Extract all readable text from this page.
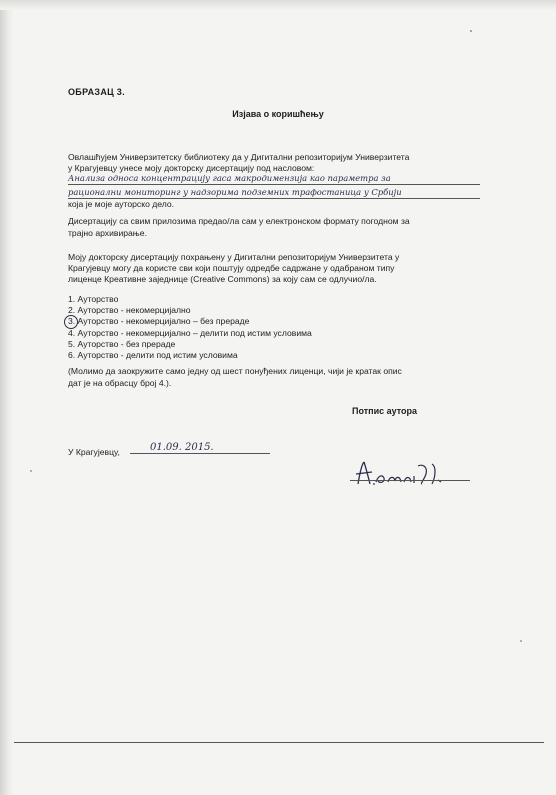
ОБРАЗАЦ 3.
Изјава о коришћењу
Овлашћујем Универзитетску библиотеку да у Дигитални репозиторијум Универзитета
у Крагујевцу унесе моју докторску дисертацију под насловом:
Анализа односа концентрацију гаса макродимензија као параметра за
рационални мониторинг у надзорима подземних трафостаница у Србији
која је моје ауторско дело.
Дисертацију са свим прилозима предао/ла сам у електронском формату погодном за
трајно архивирање.
Моју докторску дисертацију похрањену у Дигитални репозиторијум Универзитета у
Крагујевцу могу да користе сви који поштују одредбе садржане у одабраном типу
лиценце Креативне заједнице (Creative Commons) за коју сам се одлучио/ла.
1. Ауторство
2. Ауторство - некомерцијално
3. Ауторство - некомерцијално – без прераде
4. Ауторство - некомерцијално – делити под истим условима
5. Ауторство - без прераде
6. Ауторство - делити под истим условима
(Молимо да заокружите само једну од шест понуђених лиценци, чији је кратак опис
дат је на обрасцу број 4.).
Потпис аутора
У Крагујевцу,	01.09. 2015.
